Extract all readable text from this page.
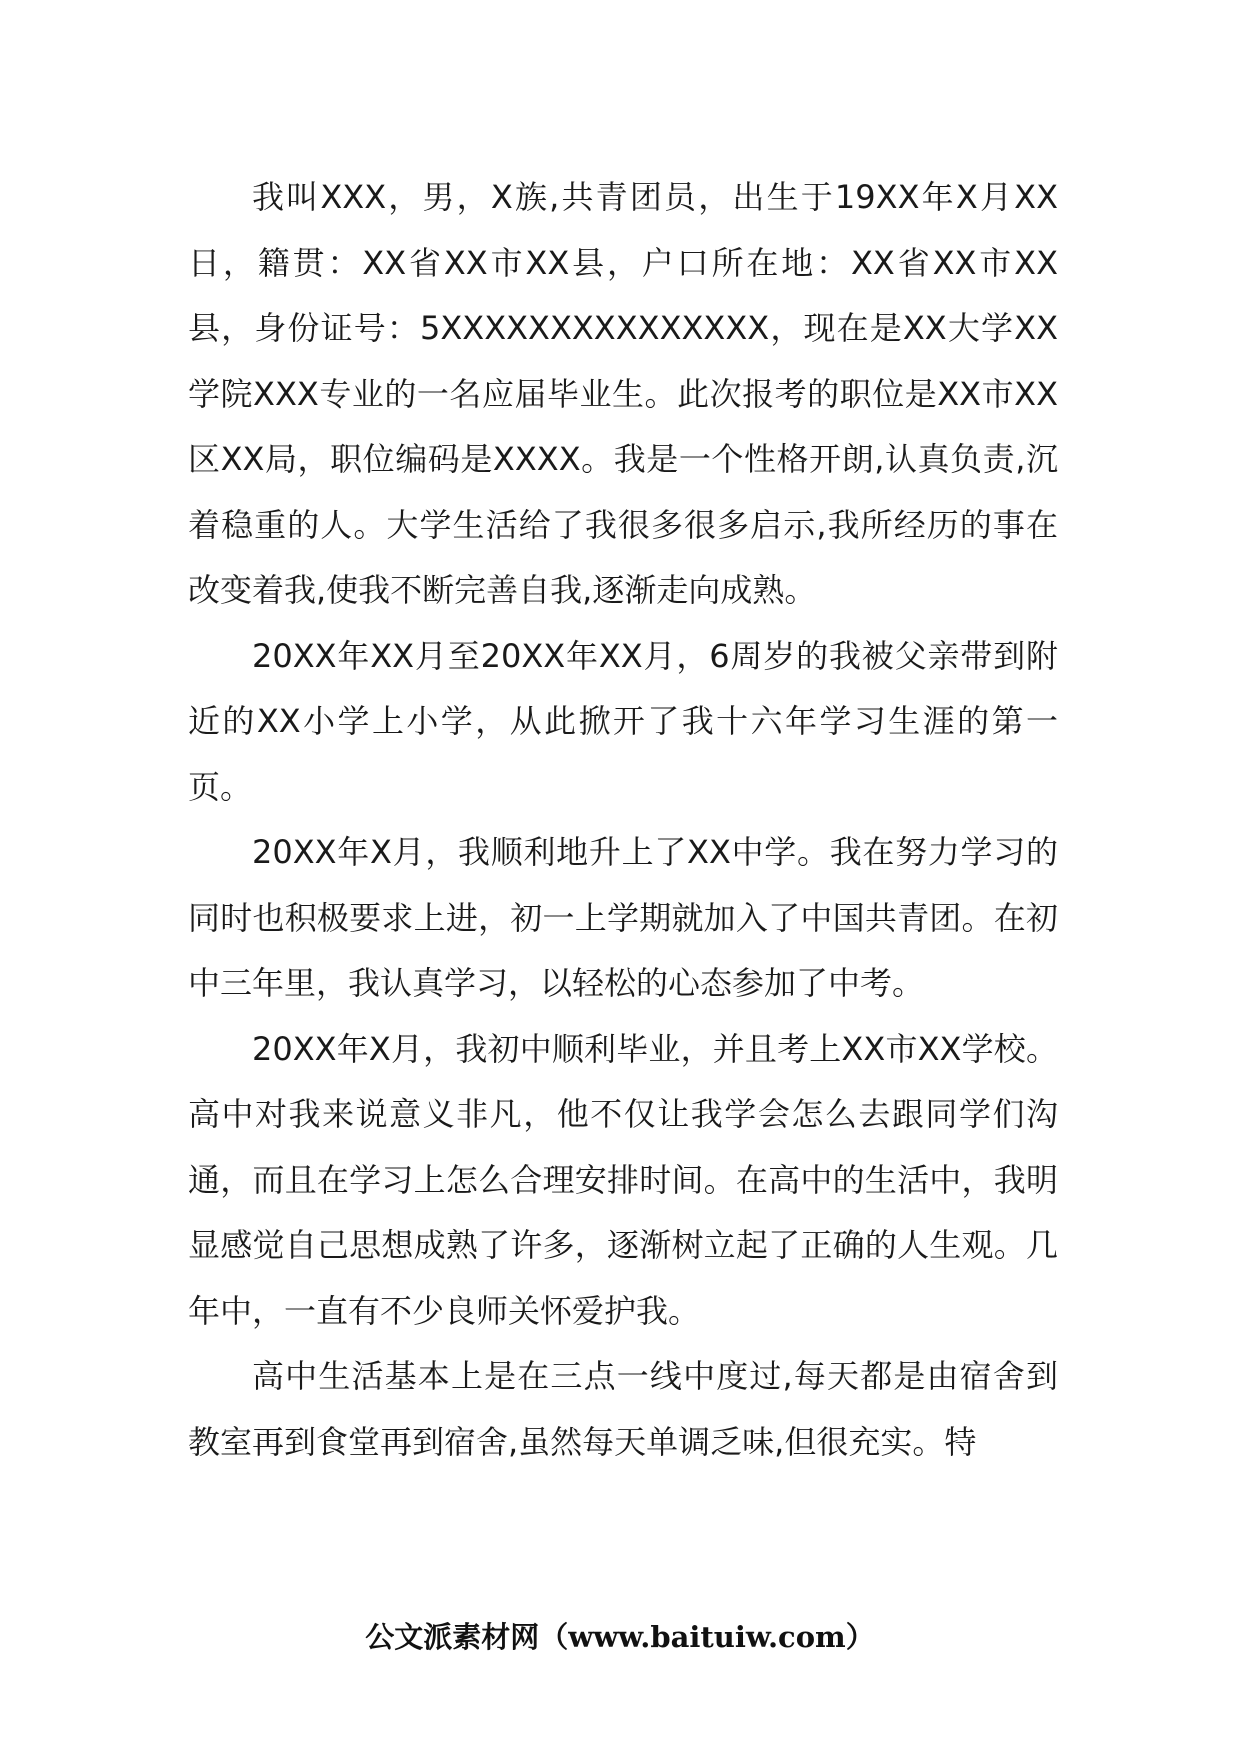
我叫XXX，男，X族,共青团员，出生于19XX年X月XX日，籍贯：XX省XX市XX县，户口所在地：XX省XX市XX县，身份证号：5XXXXXXXXXXXXXXX，现在是XX大学XX学院XXX专业的一名应届毕业生。此次报考的职位是XX市XX区XX局，职位编码是XXXX。我是一个性格开朗,认真负责,沉着稳重的人。大学生活给了我很多很多启示,我所经历的事在改变着我,使我不断完善自我,逐渐走向成熟。

20XX年XX月至20XX年XX月，6周岁的我被父亲带到附近的XX小学上小学，从此掀开了我十六年学习生涯的第一页。

20XX年X月，我顺利地升上了XX中学。我在努力学习的同时也积极要求上进，初一上学期就加入了中国共青团。在初中三年里，我认真学习，以轻松的心态参加了中考。

20XX年X月，我初中顺利毕业，并且考上XX市XX学校。高中对我来说意义非凡，他不仅让我学会怎么去跟同学们沟通，而且在学习上怎么合理安排时间。在高中的生活中，我明显感觉自己思想成熟了许多，逐渐树立起了正确的人生观。几年中，一直有不少良师关怀爱护我。

高中生活基本上是在三点一线中度过,每天都是由宿舍到教室再到食堂再到宿舍,虽然每天单调乏味,但很充实。特

公文派素材网（www.baituiw.com）
